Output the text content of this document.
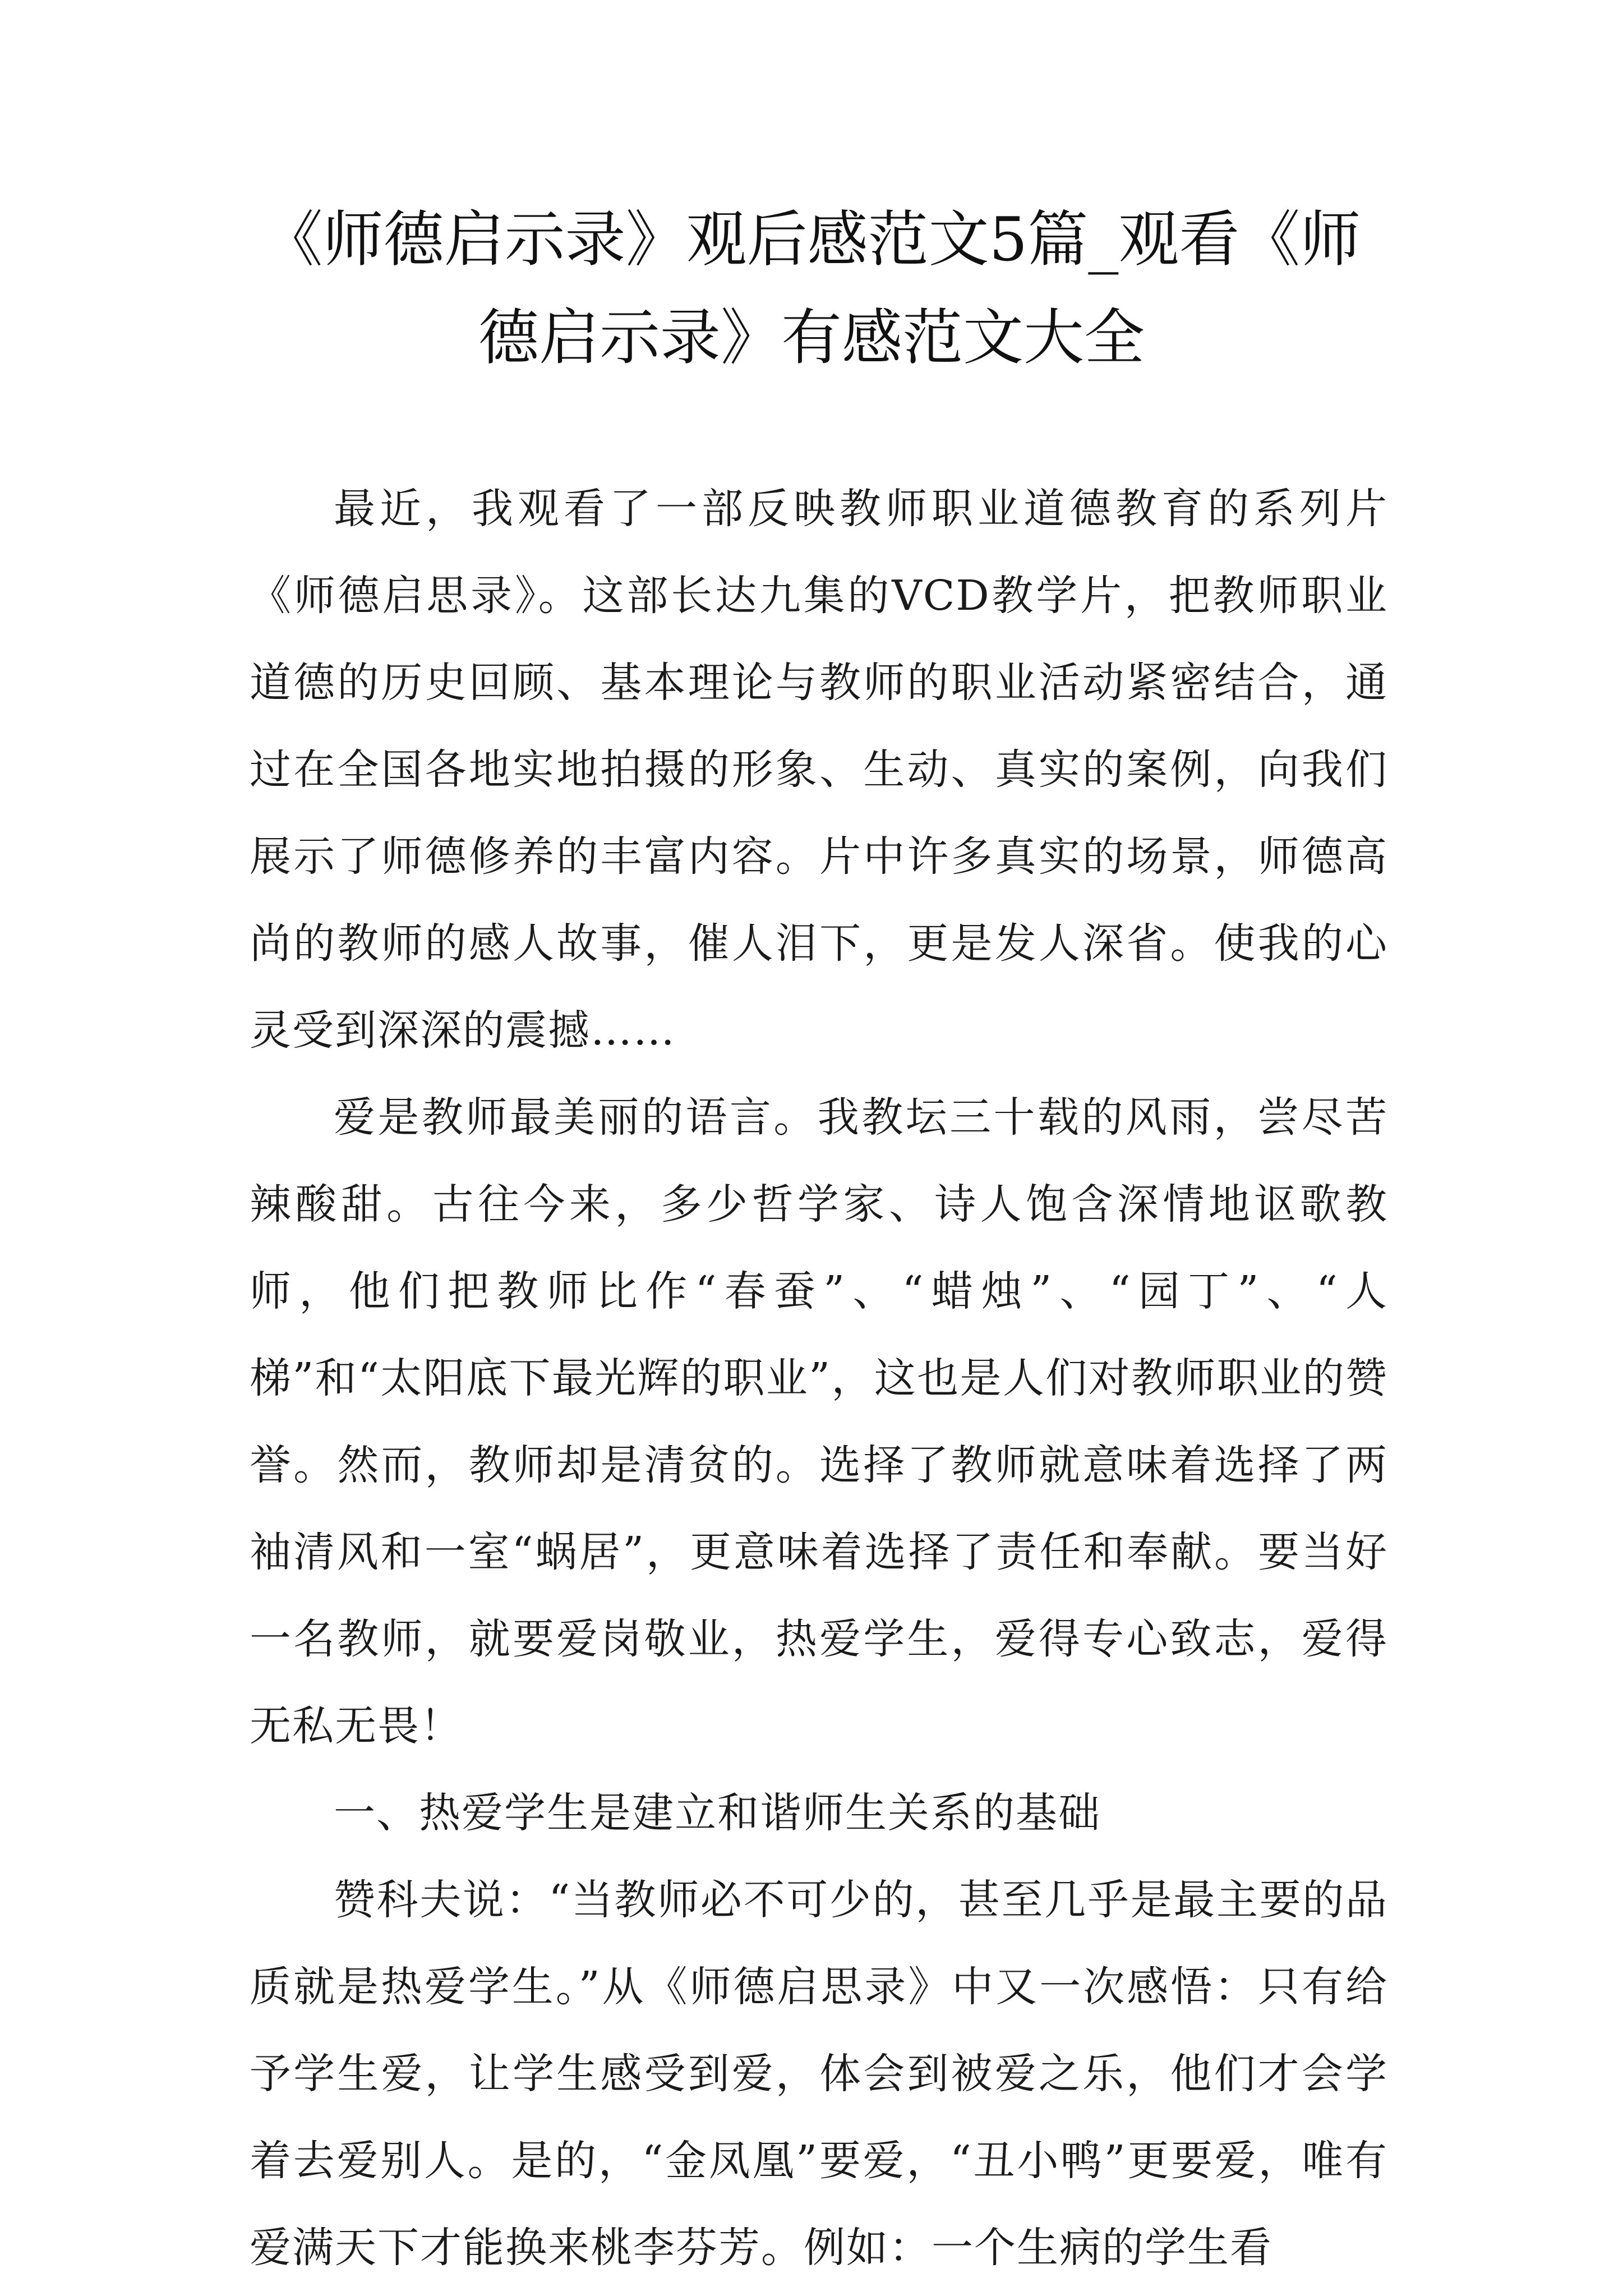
《师德启示录》观后感范文5篇_观看《师
德启示录》有感范文大全

最近，我观看了一部反映教师职业道德教育的系列片《师德启思录》。这部长达九集的VCD教学片，把教师职业道德的历史回顾、基本理论与教师的职业活动紧密结合，通过在全国各地实地拍摄的形象、生动、真实的案例，向我们展示了师德修养的丰富内容。片中许多真实的场景，师德高尚的教师的感人故事，催人泪下，更是发人深省。使我的心灵受到深深的震撼……

爱是教师最美丽的语言。我教坛三十载的风雨，尝尽苦辣酸甜。古往今来，多少哲学家、诗人饱含深情地讴歌教师，他们把教师比作“春蚕”、“蜡烛”、“园丁”、“人梯”和“太阳底下最光辉的职业”，这也是人们对教师职业的赞誉。然而，教师却是清贫的。选择了教师就意味着选择了两袖清风和一室“蜗居”，更意味着选择了责任和奉献。要当好一名教师，就要爱岗敬业，热爱学生，爱得专心致志，爱得无私无畏！

一、热爱学生是建立和谐师生关系的基础

赞科夫说：“当教师必不可少的，甚至几乎是最主要的品质就是热爱学生。”从《师德启思录》中又一次感悟：只有给予学生爱，让学生感受到爱，体会到被爱之乐，他们才会学着去爱别人。是的，“金凤凰”要爱，“丑小鸭”更要爱，唯有爱满天下才能换来桃李芬芳。例如：一个生病的学生看
